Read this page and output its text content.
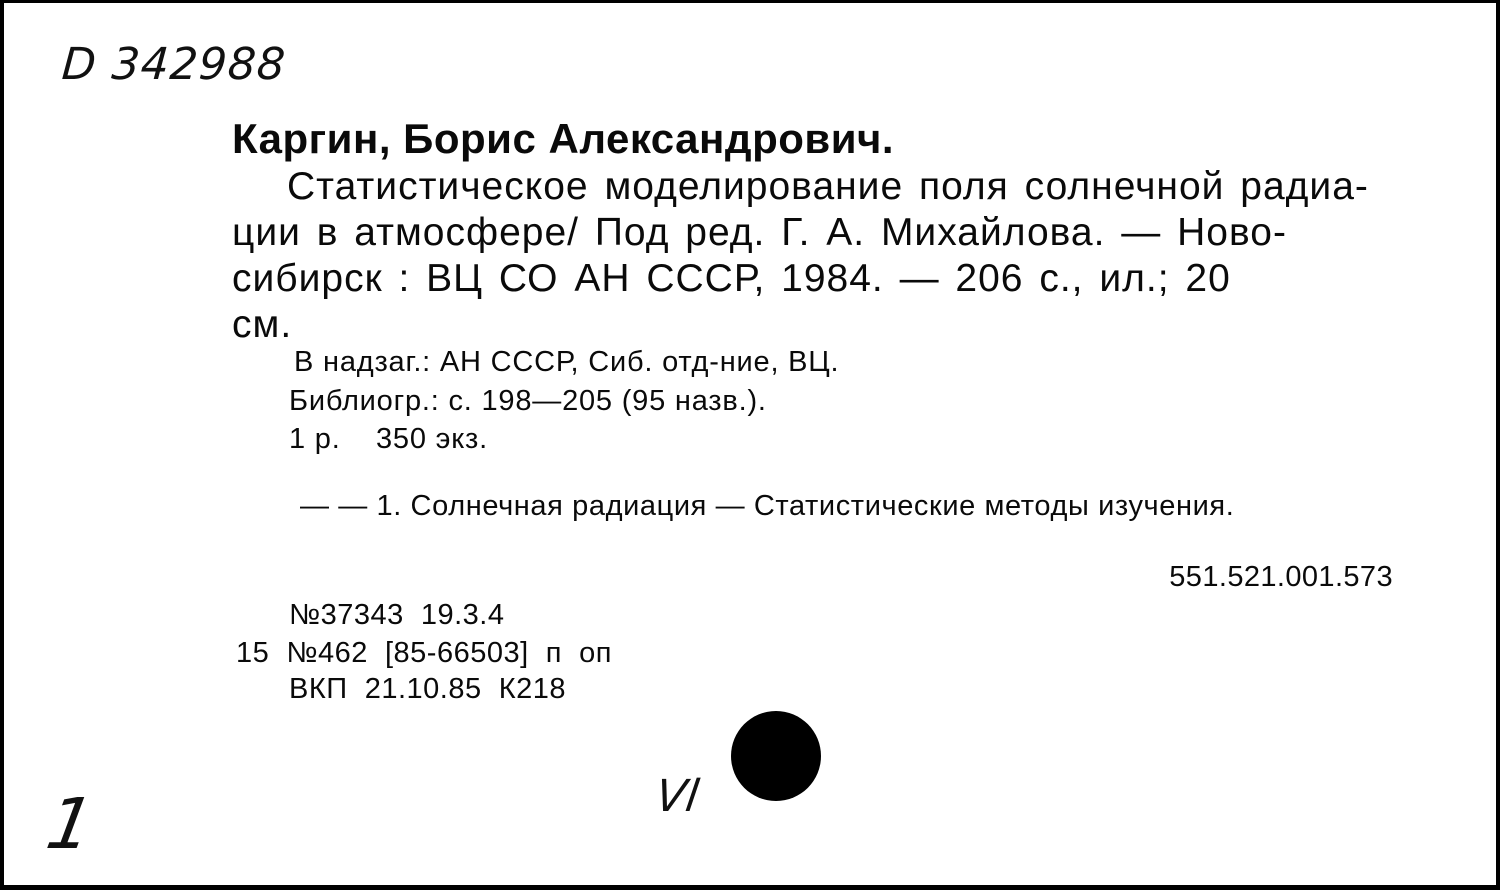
D 342988
Каргин, Борис Александрович.
Статистическое моделирование поля солнечной радиа-
ции в атмосфере/ Под ред. Г. А. Михайлова. — Ново-
сибирск : ВЦ СО АН СССР, 1984. — 206 с., ил.; 20
см.
В надзаг.: АН СССР, Сиб. отд-ние, ВЦ.
Библиогр.: с. 198—205 (95 назв.).
1 р.    350 экз.
— — 1. Солнечная радиация — Статистические методы изучения.
551.521.001.573
№37343  19.3.4
15  №462  [85-66503]  п  оп
ВКП  21.10.85  К218
1	Vl
